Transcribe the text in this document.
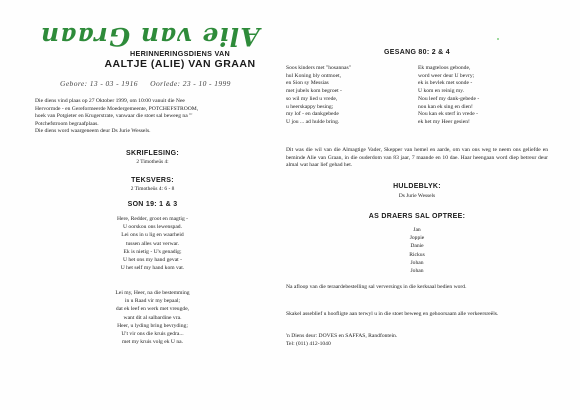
Alie van Graan
HERINNERINGSDIENS VAN
AALTJE (ALIE) VAN GRAAN
Gebore: 13 - 03 - 1916 Oorlede: 23 - 10 - 1999
Die diens vind plaas op 27 Oktober 1999, om 10:00 vanuit die Nee
Hervormde - en Gereformeerde Moedergemeente, POTCHEFSTROOM,
hoek van Potgieter en Krugerstrate, vanwaar die stoet sal beweeg na "'
Potchefstroom begraafplaas.
Die diens word waargeneem deur Ds Jurie Wessels.
SKRIFLESING:
2 Timotheüs 4:
TEKSVERS:
2 Timotheüs 4: 6 - 8
SON 19: 1 & 3
Here, Redder, groot en magtig -
U oorskou ons lewenspad.
Lei ons in u lig en waarheid
tussen alles wat verwar.
Ek is nietig - U's genadig;
U het ons my hand gevat -
U het self my hand kom vat.
Lei my, Heer, na die bestemming
in u Raad vir my bepaal;
dat ek leef en werk met vreugde,
want dit al salbardine vra.
Heer, u lyding bring bevryding;
U't vir ons die kruis gedra...
met my kruis volg ek U na.
GESANG 80: 2 & 4
Soos kinders met "hosannas"
hul Koning bly ontmoet,
en Sion sy Messias
met jubels kom begroet -
so wil my lied u vrede,
u heerskappy besing;
my lof - en dankgebede
U jou ... ad hulde bring.
Ek magteloos gebonde,
word weer deur U bevry;
ek is bevlek met sonde -
U kom en reinig my.
Nou leef my dank-gebede -
nou kan ek sing en dien!
Nou kan ek sterf in vrede -
ek het my Heer gesien!
Dit was die wil van die Almagtige Vader, Skepper van hemel en aarde, om van ons weg te neem ons geliefde en beminde Alie van Graan, in die ouderdom van 83 jaar, 7 maande en 10 dae. Haar heengaan word diep betreur deur almal wat haar lief gehad het.
HULDEBLYK:
Ds Jurie Wessels
AS DRAERS SAL OPTREE:
Jan
Joppie
Danie
Rickus
Johan
Johan
Na afloop van die teraardebestelling sal verversings in die kerksaal bedien word.
Skakel asseblief u hoofligte aan terwyl u in die stoet beweeg en gehoorsaam alle verkeersreëls.
'n Diens deur: DOVES en SAFFAS, Randfontein.
Tel: (011) 412-1040
